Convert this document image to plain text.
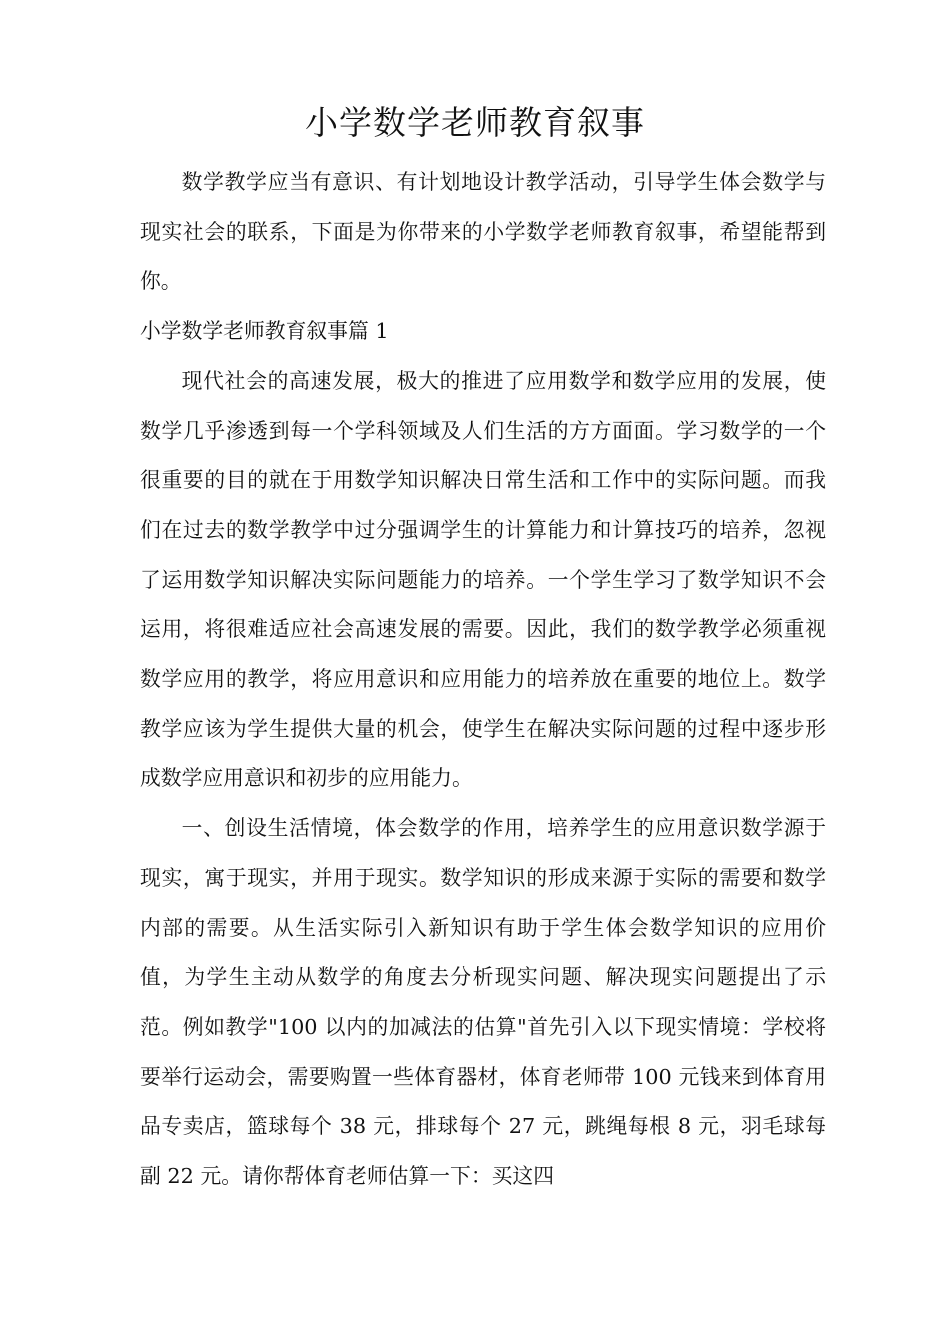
小学数学老师教育叙事

数学教学应当有意识、有计划地设计教学活动，引导学生体会数学与现实社会的联系，下面是为你带来的小学数学老师教育叙事，希望能帮到你。

小学数学老师教育叙事篇 1

现代社会的高速发展，极大的推进了应用数学和数学应用的发展，使数学几乎渗透到每一个学科领域及人们生活的方方面面。学习数学的一个很重要的目的就在于用数学知识解决日常生活和工作中的实际问题。而我们在过去的数学教学中过分强调学生的计算能力和计算技巧的培养，忽视了运用数学知识解决实际问题能力的培养。一个学生学习了数学知识不会运用，将很难适应社会高速发展的需要。因此，我们的数学教学必须重视数学应用的教学，将应用意识和应用能力的培养放在重要的地位上。数学教学应该为学生提供大量的机会，使学生在解决实际问题的过程中逐步形成数学应用意识和初步的应用能力。

一、创设生活情境，体会数学的作用，培养学生的应用意识数学源于现实，寓于现实，并用于现实。数学知识的形成来源于实际的需要和数学内部的需要。从生活实际引入新知识有助于学生体会数学知识的应用价值，为学生主动从数学的角度去分析现实问题、解决现实问题提出了示范。例如教学"100 以内的加减法的估算"首先引入以下现实情境：学校将要举行运动会，需要购置一些体育器材，体育老师带 100 元钱来到体育用品专卖店，篮球每个 38 元，排球每个 27 元，跳绳每根 8 元，羽毛球每副 22 元。请你帮体育老师估算一下：买这四
